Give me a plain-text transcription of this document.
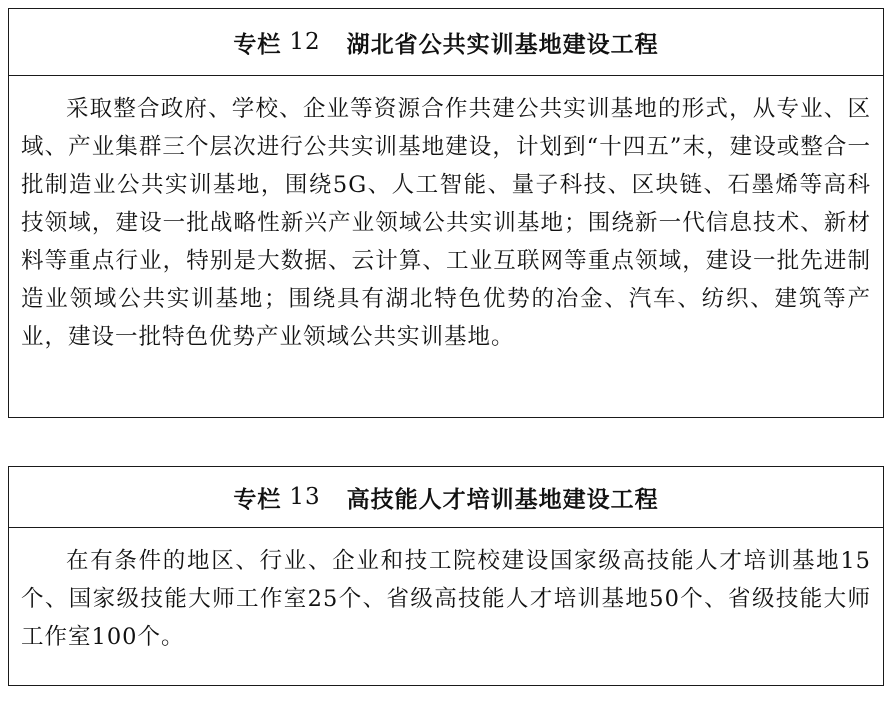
专栏 12 湖北省公共实训基地建设工程
采取整合政府、学校、企业等资源合作共建公共实训基地的形式，从专业、区域、产业集群三个层次进行公共实训基地建设，计划到“十四五”末，建设或整合一批制造业公共实训基地，围绕5G、人工智能、量子科技、区块链、石墨烯等高科技领域，建设一批战略性新兴产业领域公共实训基地；围绕新一代信息技术、新材料等重点行业，特别是大数据、云计算、工业互联网等重点领域，建设一批先进制造业领域公共实训基地；围绕具有湖北特色优势的冶金、汽车、纺织、建筑等产业，建设一批特色优势产业领域公共实训基地。
专栏 13 高技能人才培训基地建设工程
在有条件的地区、行业、企业和技工院校建设国家级高技能人才培训基地15个、国家级技能大师工作室25个、省级高技能人才培训基地50个、省级技能大师工作室100个。
